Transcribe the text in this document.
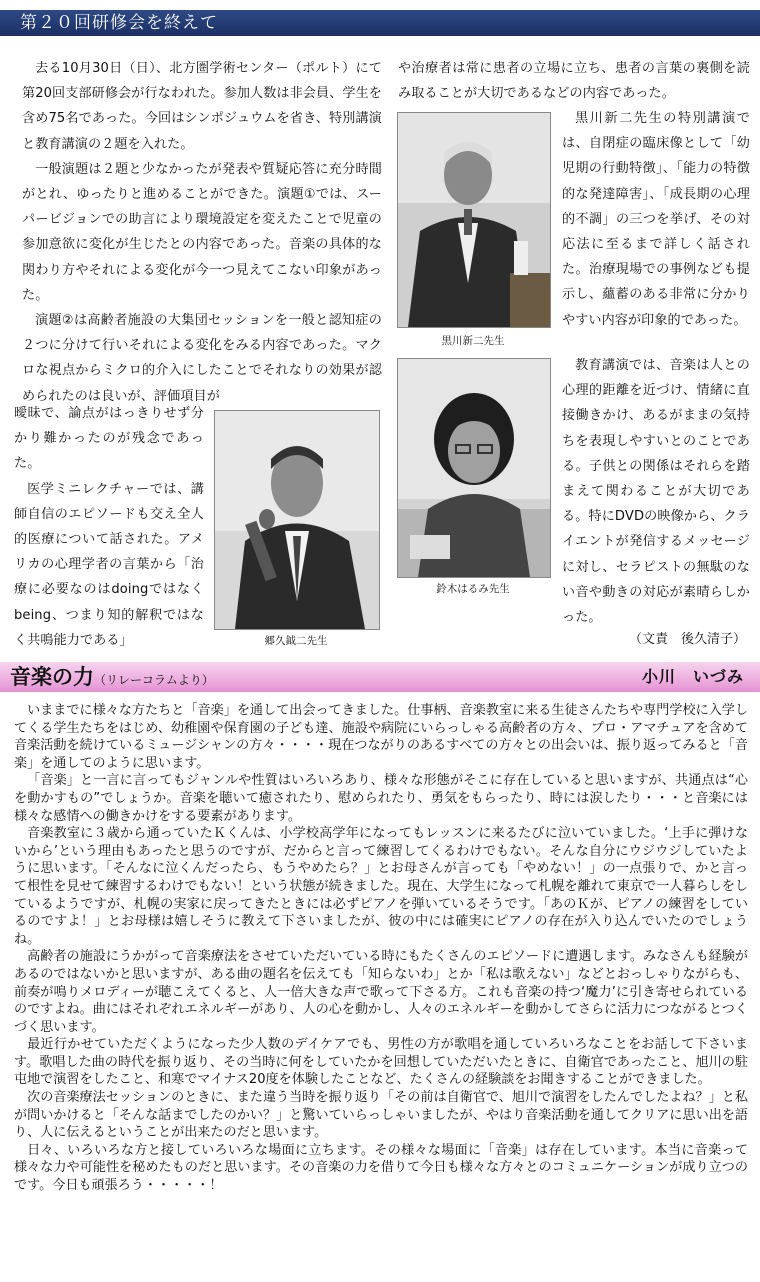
第２０回研修会を終えて

去る10月30日（日）、北方圏学術センター（ポルト）にて第20回支部研修会が行なわれた。参加人数は非会員、学生を含め75名であった。今回はシンポジュウムを省き、特別講演と教育講演の２題を入れた。

一般演題は２題と少なかったが発表や質疑応答に充分時間がとれ、ゆったりと進めることができた。演題①では、スーパービジョンでの助言により環境設定を変えたことで児童の参加意欲に変化が生じたとの内容であった。音楽の具体的な関わり方やそれによる変化が今一つ見えてこない印象があった。

演題②は高齢者施設の大集団セッションを一般と認知症の２つに分けて行いそれによる変化をみる内容であった。マクロな視点からミクロ的介入にしたことでそれなりの効果が認められたのは良いが、評価項目が

曖昧で、論点がはっきりせず分かり難かったのが残念であった。

医学ミニレクチャーでは、講師自信のエピソードも交え全人的医療について話された。アメリカの心理学者の言葉から「治療に必要なのはdoingではなくbeing、つまり知的解釈ではなく共鳴能力である」	郷久鉞二先生

や治療者は常に患者の立場に立ち、患者の言葉の裏側を読み取ることが大切であるなどの内容であった。

黒川新二先生

黒川新二先生の特別講演では、自閉症の臨床像として「幼児期の行動特徴」、「能力の特徴的な発達障害」、「成長期の心理的不調」の三つを挙げ、その対応法に至るまで詳しく話された。治療現場での事例なども提示し、蘊蓄のある非常に分かりやすい内容が印象的であった。

鈴木はるみ先生

教育講演では、音楽は人との心理的距離を近づけ、情緒に直接働きかけ、あるがままの気持ちを表現しやすいとのことである。子供との関係はそれらを踏まえて関わることが大切である。特にDVDの映像から、クライエントが発信するメッセージに対し、セラピストの無駄のない音や動きの対応が素晴らしかった。

（文責　後久清子）
音楽の力（リレーコラムより）	小川　いづみ

いままでに様々な方たちと「音楽」を通して出会ってきました。仕事柄、音楽教室に来る生徒さんたちや専門学校に入学してくる学生たちをはじめ、幼稚園や保育園の子ども達、施設や病院にいらっしゃる高齢者の方々、プロ・アマチュアを含めて音楽活動を続けているミュージシャンの方々・・・・現在つながりのあるすべての方々との出会いは、振り返ってみると「音楽」を通してのように思います。

「音楽」と一言に言ってもジャンルや性質はいろいろあり、様々な形態がそこに存在していると思いますが、共通点は“心を動かすもの”でしょうか。音楽を聴いて癒されたり、慰められたり、勇気をもらったり、時には涙したり・・・と音楽には様々な感情への働きかけをする要素があります。

音楽教室に３歳から通っていたＫくんは、小学校高学年になってもレッスンに来るたびに泣いていました。‘上手に弾けないから’という理由もあったと思うのですが、だからと言って練習してくるわけでもない。そんな自分にウジウジしていたように思います。「そんなに泣くんだったら、もうやめたら？」とお母さんが言っても「やめない！」の一点張りで、かと言って根性を見せて練習するわけでもない！という状態が続きました。現在、大学生になって札幌を離れて東京で一人暮らしをしているようですが、札幌の実家に戻ってきたときには必ずピアノを弾いているそうです。「あのＫが、ピアノの練習をしているのですよ！」とお母様は嬉しそうに教えて下さいましたが、彼の中には確実にピアノの存在が入り込んでいたのでしょうね。

高齢者の施設にうかがって音楽療法をさせていただいている時にもたくさんのエピソードに遭遇します。みなさんも経験があるのではないかと思いますが、ある曲の題名を伝えても「知らないわ」とか「私は歌えない」などとおっしゃりながらも、前奏が鳴りメロディーが聴こえてくると、人一倍大きな声で歌って下さる方。これも音楽の持つ‘魔力’に引き寄せられているのですよね。曲にはそれぞれエネルギーがあり、人の心を動かし、人々のエネルギーを動かしてさらに活力につながるとつくづく思います。

最近行かせていただくようになった少人数のデイケアでも、男性の方が歌唱を通していろいろなことをお話して下さいます。歌唱した曲の時代を振り返り、その当時に何をしていたかを回想していただいたときに、自衛官であったこと、旭川の駐屯地で演習をしたこと、和寒でマイナス20度を体験したことなど、たくさんの経験談をお聞きすることができました。

次の音楽療法セッションのときに、また違う当時を振り返り「その前は自衛官で、旭川で演習をしたんでしたよね？」と私が問いかけると「そんな話までしたのかい？」と驚いていらっしゃいましたが、やはり音楽活動を通してクリアに思い出を語り、人に伝えるということが出来たのだと思います。

日々、いろいろな方と接していろいろな場面に立ちます。その様々な場面に「音楽」は存在しています。本当に音楽って様々な力や可能性を秘めたものだと思います。その音楽の力を借りて今日も様々な方々とのコミュニケーションが成り立つのです。今日も頑張ろう・・・・・！
